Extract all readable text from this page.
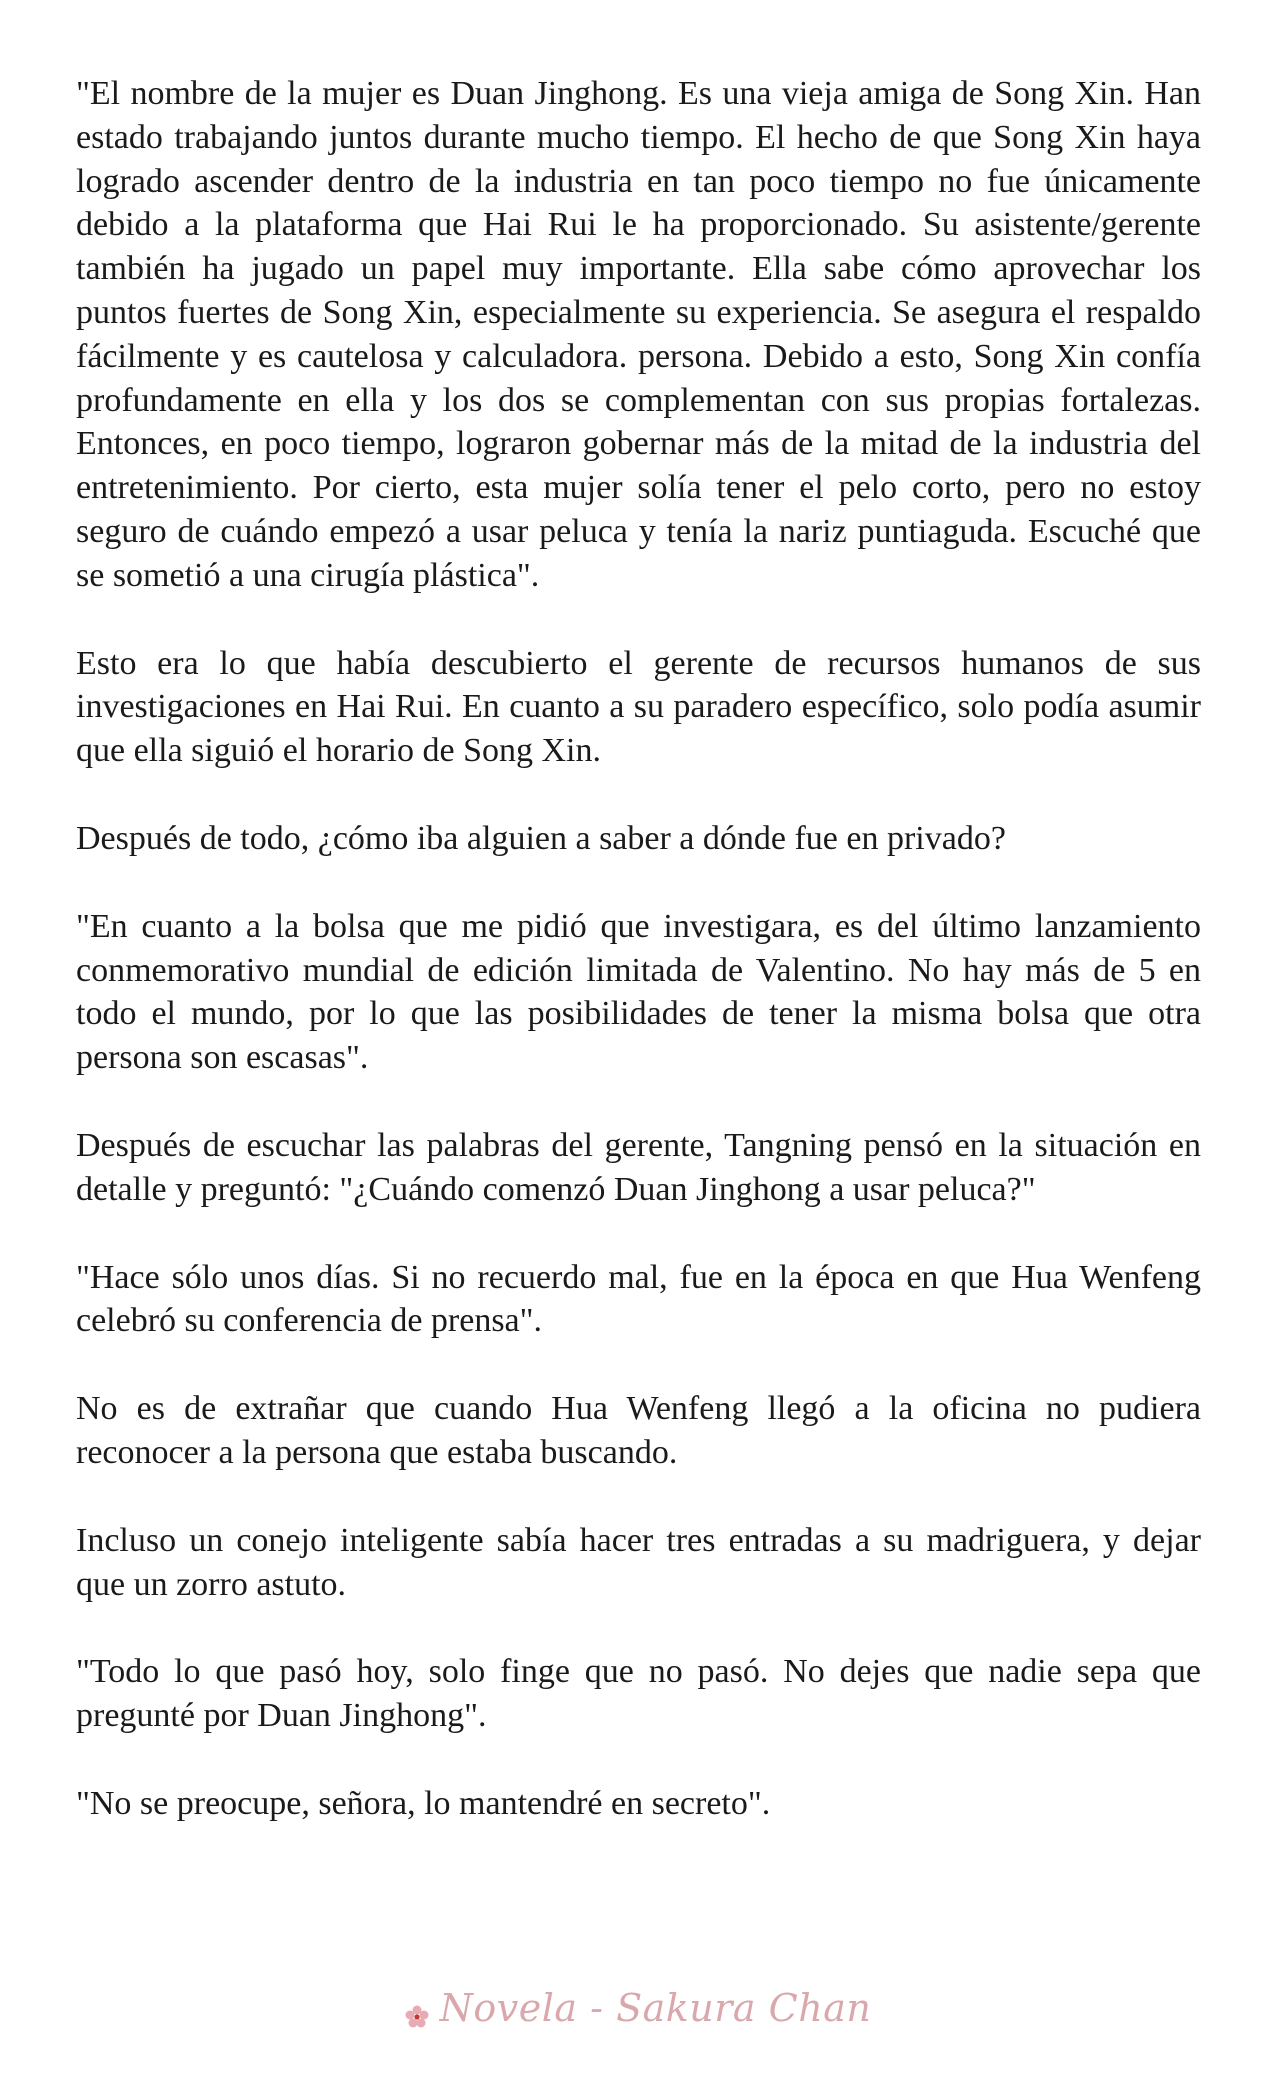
"El nombre de la mujer es Duan Jinghong. Es una vieja amiga de Song Xin. Han estado trabajando juntos durante mucho tiempo. El hecho de que Song Xin haya logrado ascender dentro de la industria en tan poco tiempo no fue únicamente debido a la plataforma que Hai Rui le ha proporcionado. Su asistente/gerente también ha jugado un papel muy importante. Ella sabe cómo aprovechar los puntos fuertes de Song Xin, especialmente su experiencia. Se asegura el respaldo fácilmente y es cautelosa y calculadora. persona. Debido a esto, Song Xin confía profundamente en ella y los dos se complementan con sus propias fortalezas. Entonces, en poco tiempo, lograron gobernar más de la mitad de la industria del entretenimiento. Por cierto, esta mujer solía tener el pelo corto, pero no estoy seguro de cuándo empezó a usar peluca y tenía la nariz puntiaguda. Escuché que se sometió a una cirugía plástica".

Esto era lo que había descubierto el gerente de recursos humanos de sus investigaciones en Hai Rui. En cuanto a su paradero específico, solo podía asumir que ella siguió el horario de Song Xin.

Después de todo, ¿cómo iba alguien a saber a dónde fue en privado?

"En cuanto a la bolsa que me pidió que investigara, es del último lanzamiento conmemorativo mundial de edición limitada de Valentino. No hay más de 5 en todo el mundo, por lo que las posibilidades de tener la misma bolsa que otra persona son escasas".

Después de escuchar las palabras del gerente, Tangning pensó en la situación en detalle y preguntó: "¿Cuándo comenzó Duan Jinghong a usar peluca?"

"Hace sólo unos días. Si no recuerdo mal, fue en la época en que Hua Wenfeng celebró su conferencia de prensa".

No es de extrañar que cuando Hua Wenfeng llegó a la oficina no pudiera reconocer a la persona que estaba buscando.

Incluso un conejo inteligente sabía hacer tres entradas a su madriguera, y dejar que un zorro astuto.

"Todo lo que pasó hoy, solo finge que no pasó. No dejes que nadie sepa que pregunté por Duan Jinghong".

"No se preocupe, señora, lo mantendré en secreto".

Novela - Sakura Chan
